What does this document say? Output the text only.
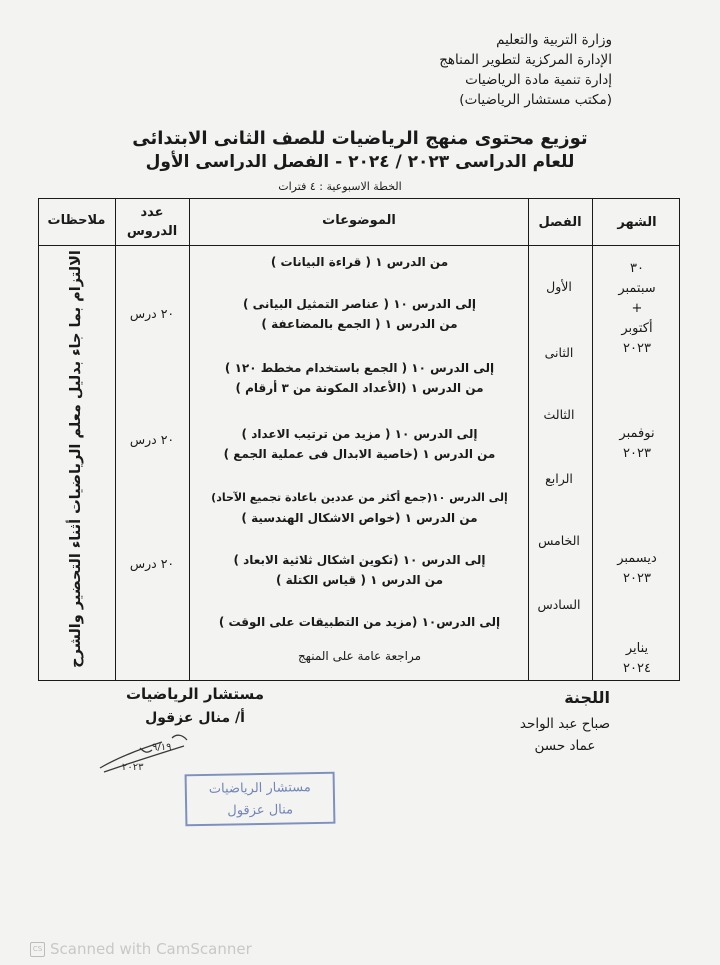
وزارة التربية والتعليم
الإدارة المركزية لتطوير المناهج
إدارة تنمية مادة الرياضيات
(مكتب مستشار الرياضيات)
توزيع محتوى منهج الرياضيات للصف الثانى الابتدائى
للعام الدراسى ٢٠٢٣ / ٢٠٢٤ - الفصل الدراسى الأول
الخطة الاسبوعية : ٤ فترات
الشهر
الفصل
الموضوعات
عدد
الدروس
ملاحظات
٣٠
سبتمبر
+
أكتوبر
٢٠٢٣
نوفمبر
٢٠٢٣
ديسمبر
٢٠٢٣
يناير
٢٠٢٤
الأول
الثانى
الثالث
الرابع
الخامس
السادس
من الدرس ١ ( قراءة البيانات )
إلى الدرس ١٠ ( عناصر التمثيل البيانى )
من الدرس ١ ( الجمع بالمضاعفة )
إلى الدرس ١٠ ( الجمع باستخدام مخطط ١٢٠ )
من الدرس ١ (الأعداد المكونة من ٣ أرقام )
إلى الدرس ١٠ ( مزيد من ترتيب الاعداد )
من الدرس ١ (خاصية الابدال فى عملية الجمع )
إلى الدرس ١٠(جمع أكثر من عددين باعادة تجميع الآحاد)
من الدرس ١ (خواص الاشكال الهندسية )
إلى الدرس ١٠ (تكوين اشكال ثلاثية الابعاد )
من الدرس ١ ( قياس الكتلة )
إلى الدرس١٠ (مزيد من التطبيقات على الوقت )
مراجعة عامة على المنهج
٢٠ درس
٢٠ درس
٢٠ درس
الالتزام بما جاء بدليل معلم الرياضيات أثناء التحضير والشرح
مستشار الرياضيات
أ/ منال عزقول
اللجنة
صباح عبد الواحد
عماد حسن
٩/١٩
٢٠٢٣
مستشار الرياضيات
منال عزقول
CS Scanned with CamScanner
